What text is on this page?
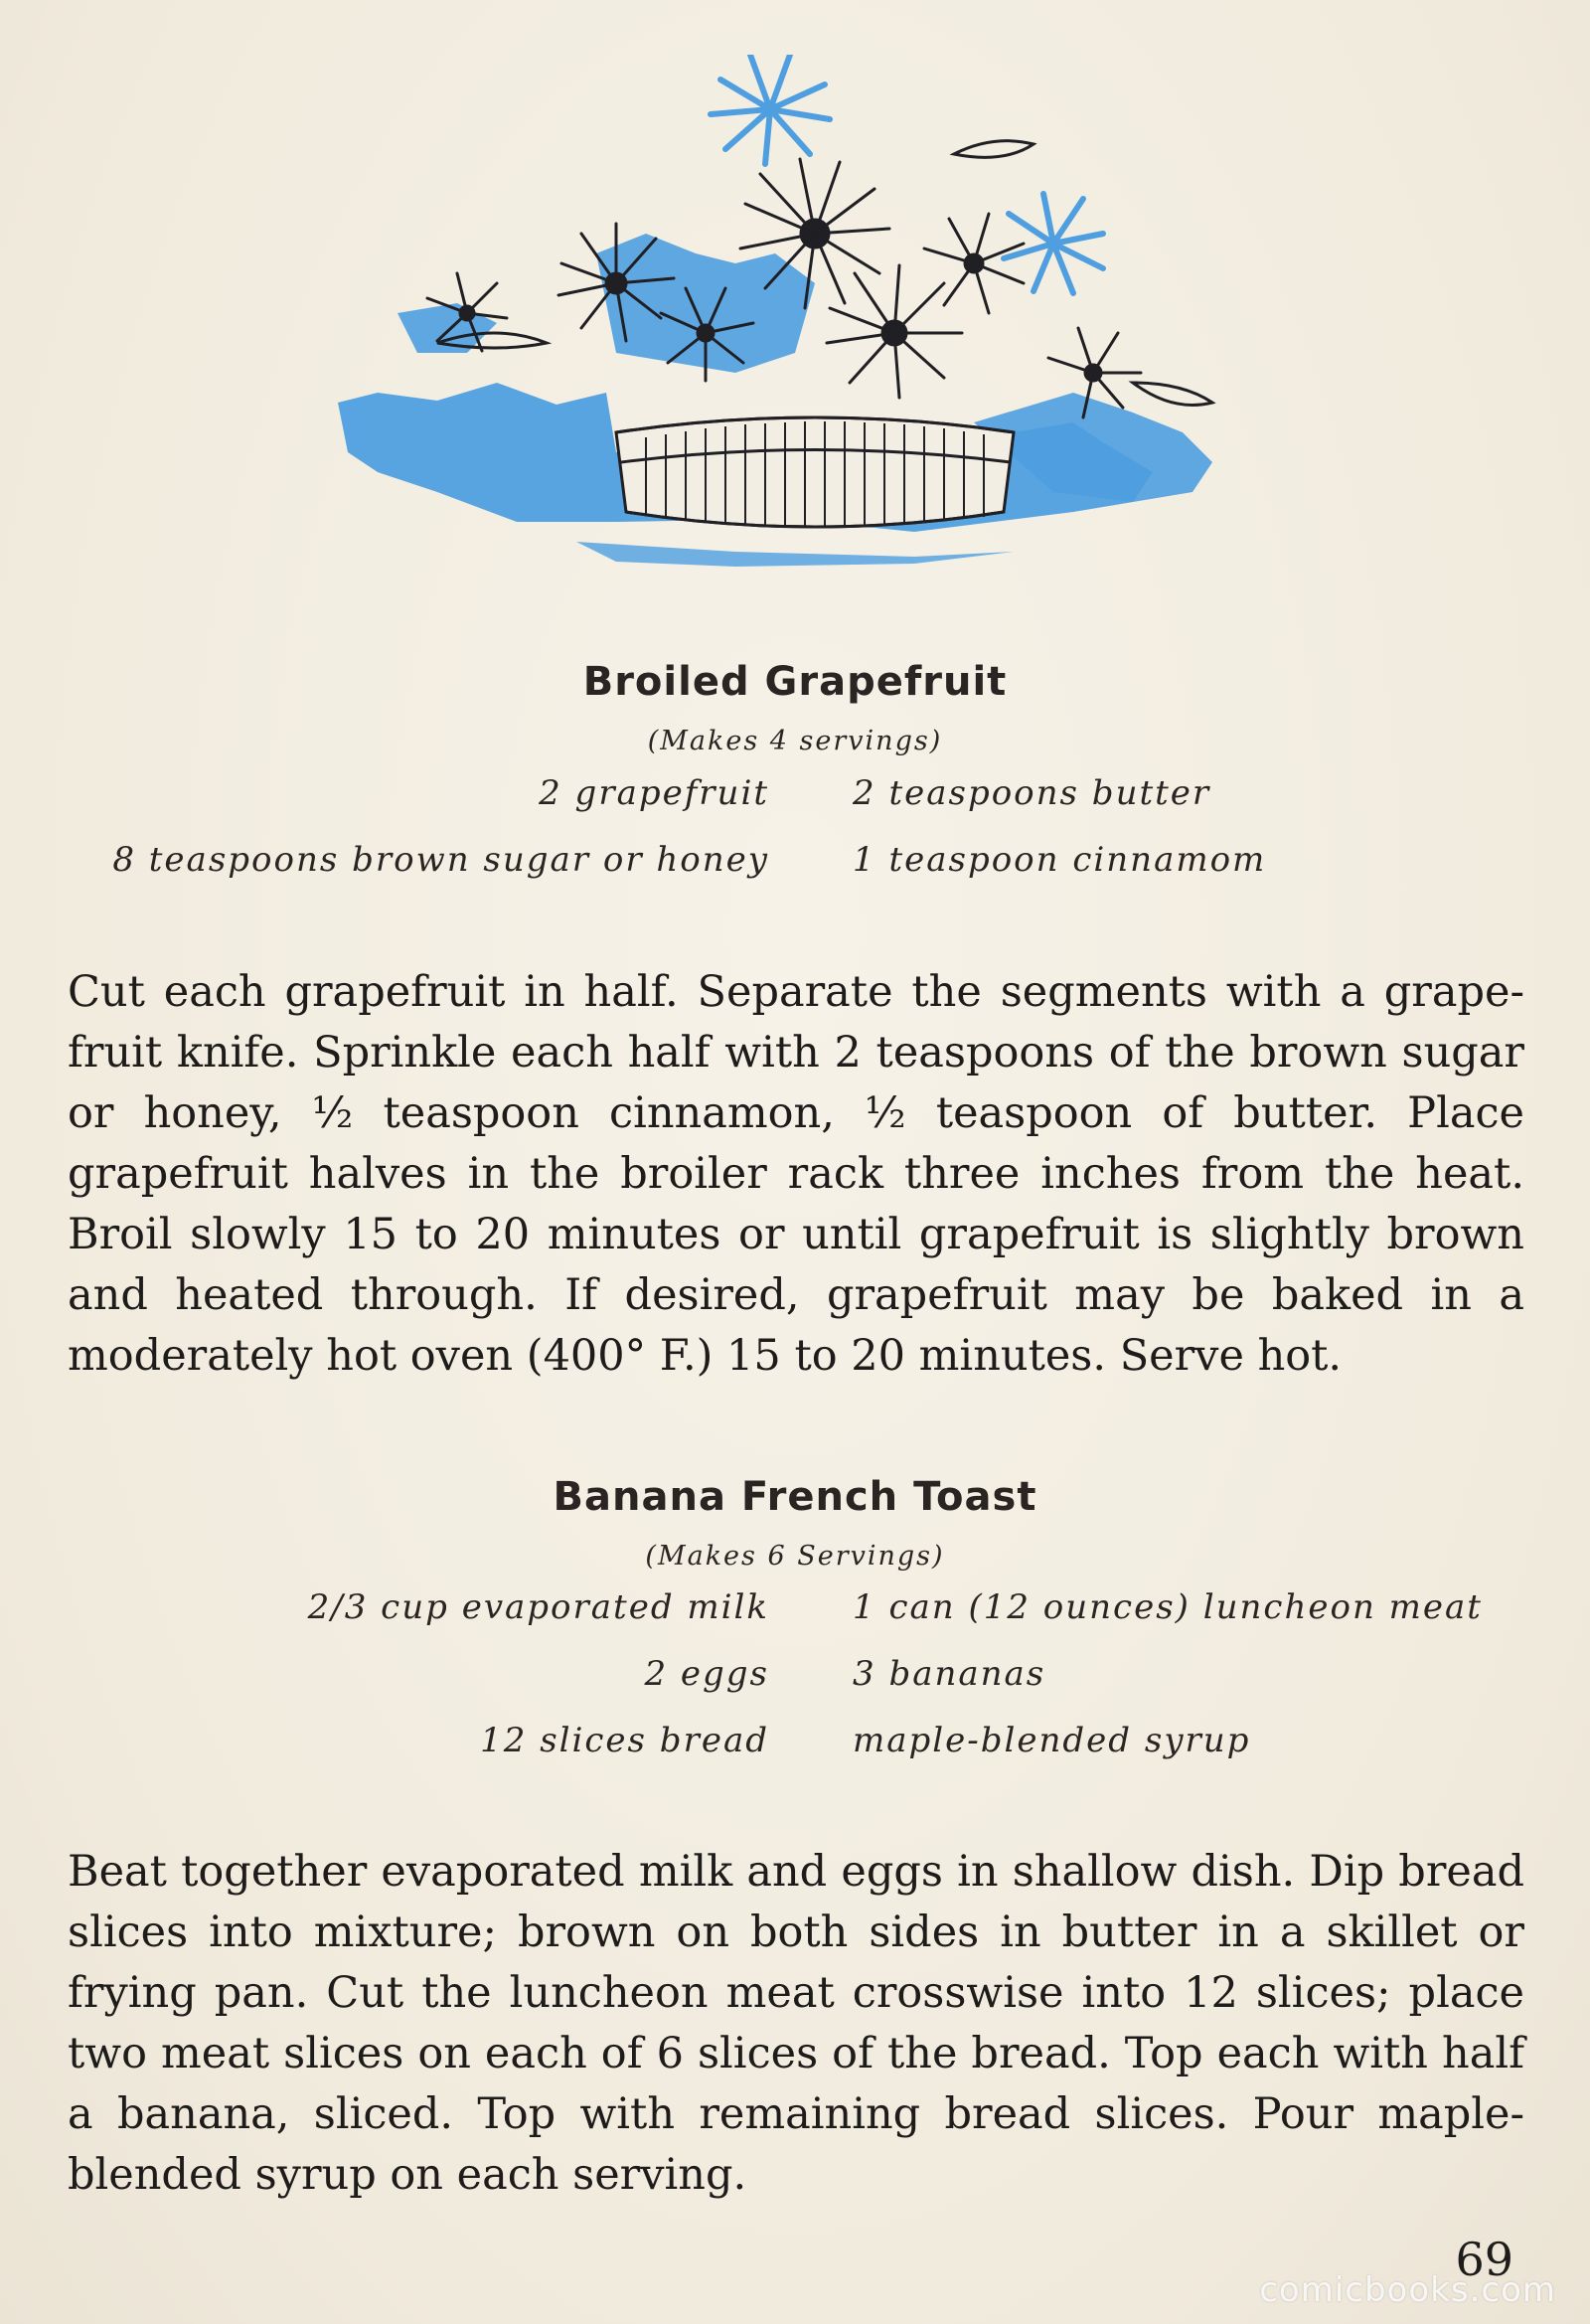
Broiled Grapefruit
(Makes 4 servings)
2 grapefruit 2 teaspoons butter
8 teaspoons brown sugar or honey 1 teaspoon cinnamom
Cut each grapefruit in half. Separate the segments with a grape-fruit knife. Sprinkle each half with 2 teaspoons of the brown sugar or honey, ½ teaspoon cinnamon, ½ teaspoon of butter. Place grapefruit halves in the broiler rack three inches from the heat. Broil slowly 15 to 20 minutes or until grapefruit is slightly brown and heated through. If desired, grapefruit may be baked in a moderately hot oven (400° F.) 15 to 20 minutes. Serve hot.
Banana French Toast
(Makes 6 Servings)
2/3 cup evaporated milk 1 can (12 ounces) luncheon meat
2 eggs 3 bananas
12 slices bread maple-blended syrup
Beat together evaporated milk and eggs in shallow dish. Dip bread slices into mixture; brown on both sides in butter in a skillet or frying pan. Cut the luncheon meat crosswise into 12 slices; place two meat slices on each of 6 slices of the bread. Top each with half a banana, sliced. Top with remaining bread slices. Pour maple-blended syrup on each serving.
69
comicbooks.com
